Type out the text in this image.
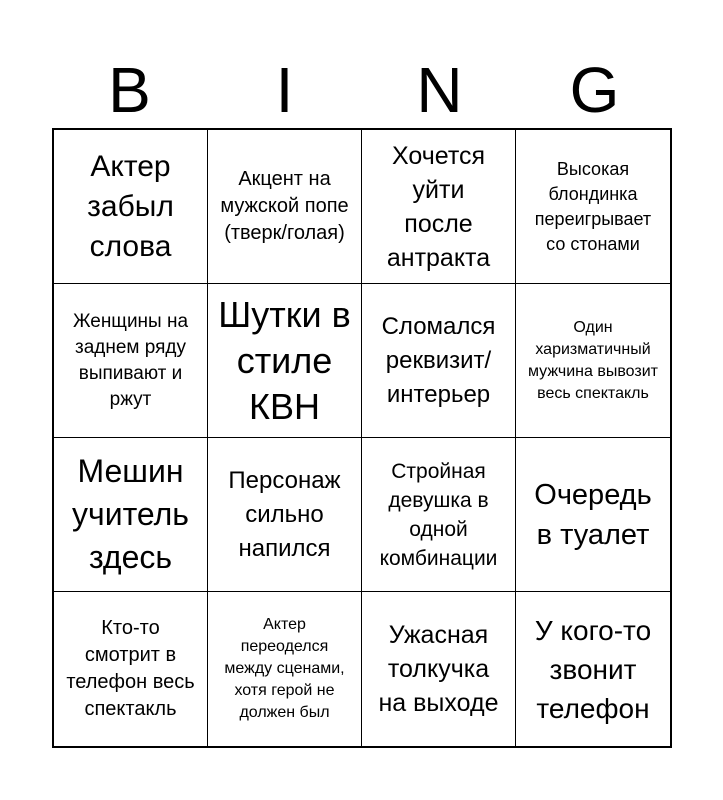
B	I	N	G
Актер забыл слова
Акцент на мужской попе (тверк/голая)
Хочется уйти после антракта
Высокая блондинка переигрывает со стонами
Женщины на заднем ряду выпивают и ржут
Шутки в стиле КВН
Сломался реквизит/интерьер
Один харизматичный мужчина вывозит весь спектакль
Мешин учитель здесь
Персонаж сильно напился
Стройная девушка в одной комбинации
Очередь в туалет
Кто-то смотрит в телефон весь спектакль
Актер переоделся между сценами, хотя герой не должен был
Ужасная толкучка на выходе
У кого-то звонит телефон
